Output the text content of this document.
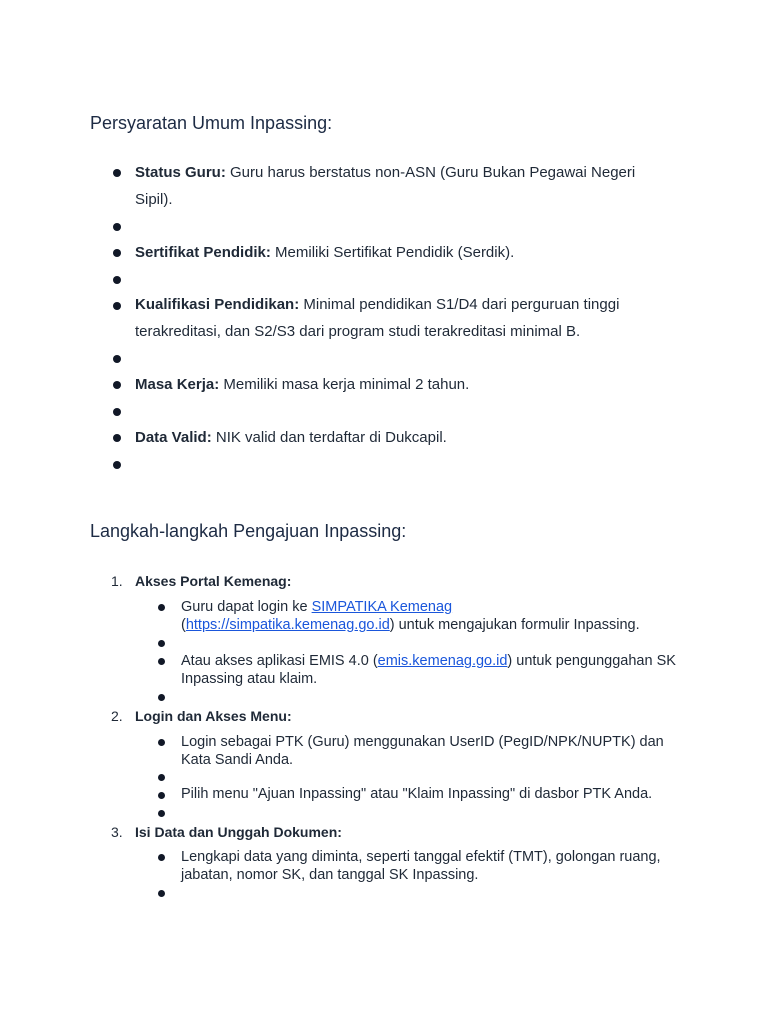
Persyaratan Umum Inpassing:

Status Guru: Guru harus berstatus non-ASN (Guru Bukan Pegawai Negeri Sipil).

Sertifikat Pendidik: Memiliki Sertifikat Pendidik (Serdik).

Kualifikasi Pendidikan: Minimal pendidikan S1/D4 dari perguruan tinggi terakreditasi, dan S2/S3 dari program studi terakreditasi minimal B.

Masa Kerja: Memiliki masa kerja minimal 2 tahun.

Data Valid: NIK valid dan terdaftar di Dukcapil.

Langkah-langkah Pengajuan Inpassing:
1. Akses Portal Kemenag:

Guru dapat login ke SIMPATIKA Kemenag
(https://simpatika.kemenag.go.id) untuk mengajukan formulir Inpassing.

Atau akses aplikasi EMIS 4.0 (emis.kemenag.go.id) untuk pengunggahan SK Inpassing atau klaim.

2. Login dan Akses Menu:

Login sebagai PTK (Guru) menggunakan UserID (PegID/NPK/NUPTK) dan Kata Sandi Anda.

Pilih menu "Ajuan Inpassing" atau "Klaim Inpassing" di dasbor PTK Anda.

3. Isi Data dan Unggah Dokumen:

Lengkapi data yang diminta, seperti tanggal efektif (TMT), golongan ruang, jabatan, nomor SK, dan tanggal SK Inpassing.
